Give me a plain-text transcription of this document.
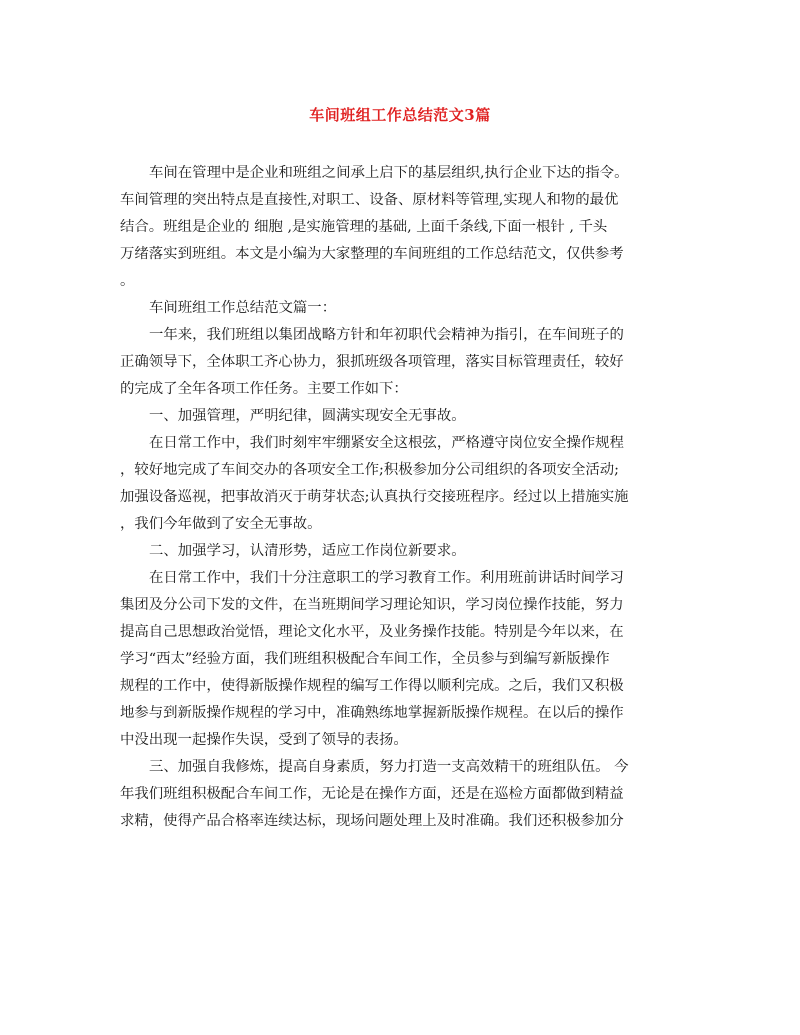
车间班组工作总结范文3篇
车间在管理中是企业和班组之间承上启下的基层组织,执行企业下达的指令。
车间管理的突出特点是直接性,对职工、设备、原材料等管理,实现人和物的最优
结合。班组是企业的 细胞 ,是实施管理的基础, 上面千条线,下面一根针 , 千头
万绪落实到班组。本文是小编为大家整理的车间班组的工作总结范文，仅供参考
。
车间班组工作总结范文篇一：
一年来，我们班组以集团战略方针和年初职代会精神为指引，在车间班子的
正确领导下，全体职工齐心协力，狠抓班级各项管理，落实目标管理责任，较好
的完成了全年各项工作任务。主要工作如下：
一、加强管理，严明纪律，圆满实现安全无事故。
在日常工作中，我们时刻牢牢绷紧安全这根弦，严格遵守岗位安全操作规程
，较好地完成了车间交办的各项安全工作;积极参加分公司组织的各项安全活动;
加强设备巡视，把事故消灭于萌芽状态;认真执行交接班程序。经过以上措施实施
，我们今年做到了安全无事故。
二、加强学习，认清形势，适应工作岗位新要求。
在日常工作中，我们十分注意职工的学习教育工作。利用班前讲话时间学习
集团及分公司下发的文件，在当班期间学习理论知识，学习岗位操作技能，努力
提高自己思想政治觉悟，理论文化水平，及业务操作技能。特别是今年以来，在
学习“西太”经验方面，我们班组积极配合车间工作，全员参与到编写新版操作
规程的工作中，使得新版操作规程的编写工作得以顺利完成。之后，我们又积极
地参与到新版操作规程的学习中，准确熟练地掌握新版操作规程。在以后的操作
中没出现一起操作失误，受到了领导的表扬。
三、加强自我修炼，提高自身素质，努力打造一支高效精干的班组队伍。 今
年我们班组积极配合车间工作，无论是在操作方面，还是在巡检方面都做到精益
求精，使得产品合格率连续达标，现场问题处理上及时准确。我们还积极参加分
